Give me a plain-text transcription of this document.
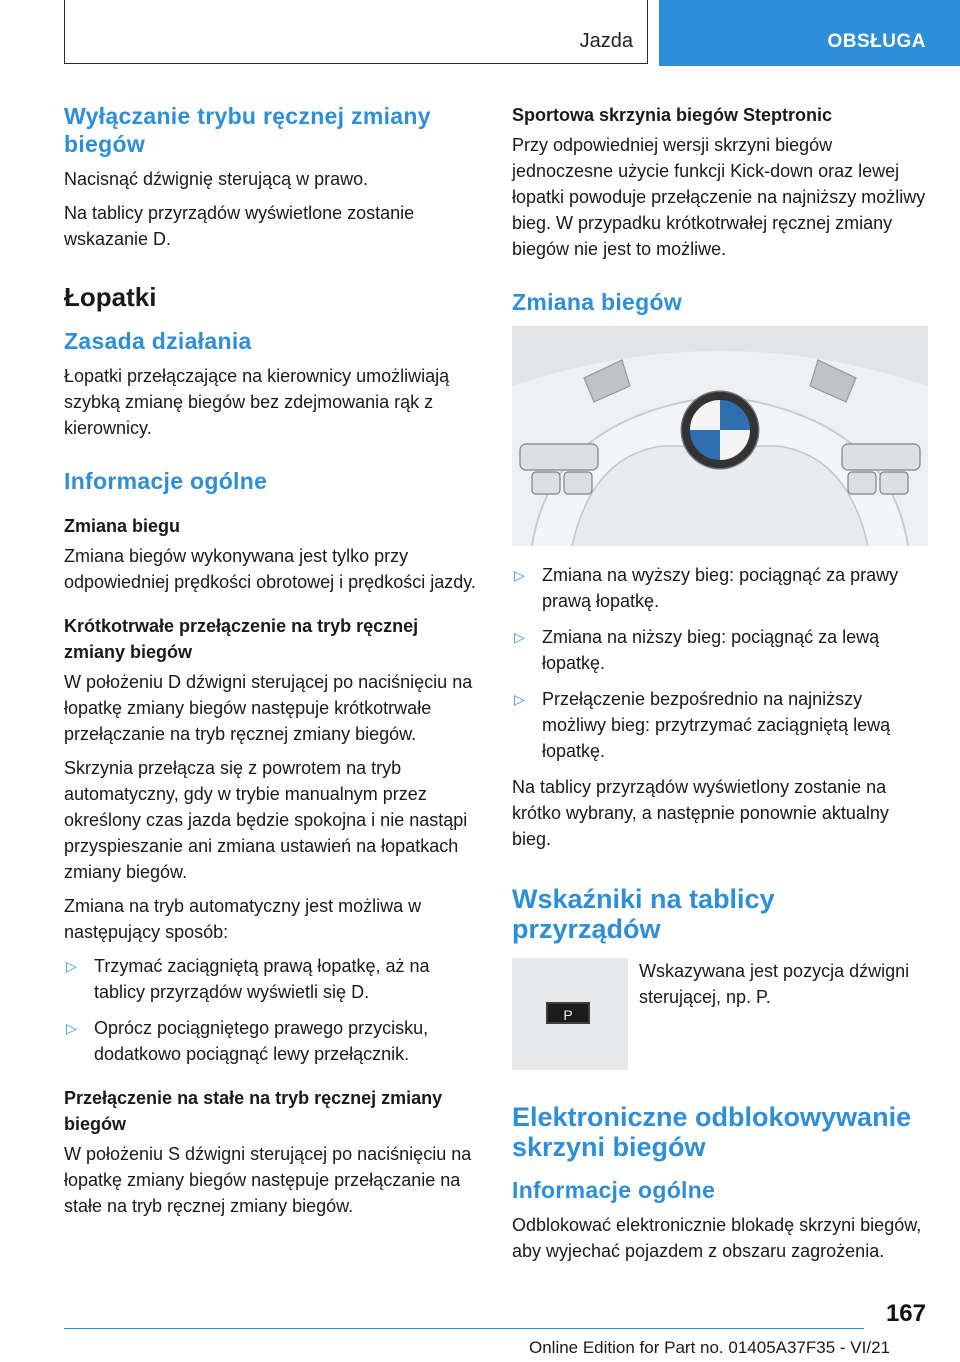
Jazda	OBSŁUGA
Wyłączanie trybu ręcznej zmiany biegów

Nacisnąć dźwignię sterującą w prawo.

Na tablicy przyrządów wyświetlone zostanie wskazanie D.

Łopatki
Zasada działania

Łopatki przełączające na kierownicy umożliwiają szybką zmianę biegów bez zdejmowania rąk z kierownicy.

Informacje ogólne
Zmiana biegu

Zmiana biegów wykonywana jest tylko przy odpowiedniej prędkości obrotowej i prędkości jazdy.

Krótkotrwałe przełączenie na tryb ręcznej zmiany biegów

W położeniu D dźwigni sterującej po naciśnięciu na łopatkę zmiany biegów następuje krótkotrwałe przełączanie na tryb ręcznej zmiany biegów.

Skrzynia przełącza się z powrotem na tryb automatyczny, gdy w trybie manualnym przez określony czas jazda będzie spokojna i nie nastąpi przyspieszanie ani zmiana ustawień na łopatkach zmiany biegów.

Zmiana na tryb automatyczny jest możliwa w następujący sposób:

▷ Trzymać zaciągniętą prawą łopatkę, aż na tablicy przyrządów wyświetli się D.
▷ Oprócz pociągniętego prawego przycisku, dodatkowo pociągnąć lewy przełącznik.
Przełączenie na stałe na tryb ręcznej zmiany biegów

W położeniu S dźwigni sterującej po naciśnięciu na łopatkę zmiany biegów następuje przełączanie na stałe na tryb ręcznej zmiany biegów.

Sportowa skrzynia biegów Steptronic

Przy odpowiedniej wersji skrzyni biegów jednoczesne użycie funkcji Kick-down oraz lewej łopatki powoduje przełączenie na najniższy możliwy bieg. W przypadku krótkotrwałej ręcznej zmiany biegów nie jest to możliwe.

Zmiana biegów
▷ Zmiana na wyższy bieg: pociągnąć za prawy prawą łopatkę.
▷ Zmiana na niższy bieg: pociągnąć za lewą łopatkę.
▷ Przełączenie bezpośrednio na najniższy możliwy bieg: przytrzymać zaciągniętą lewą łopatkę.

Na tablicy przyrządów wyświetlony zostanie na krótko wybrany, a następnie ponownie aktualny bieg.

Wskaźniki na tablicy przyrządów
P

Wskazywana jest pozycja dźwigni sterującej, np. P.

Elektroniczne odblokowywanie skrzyni biegów
Informacje ogólne

Odblokować elektronicznie blokadę skrzyni biegów, aby wyjechać pojazdem z obszaru zagrożenia.

167
Online Edition for Part no. 01405A37F35 - VI/21
